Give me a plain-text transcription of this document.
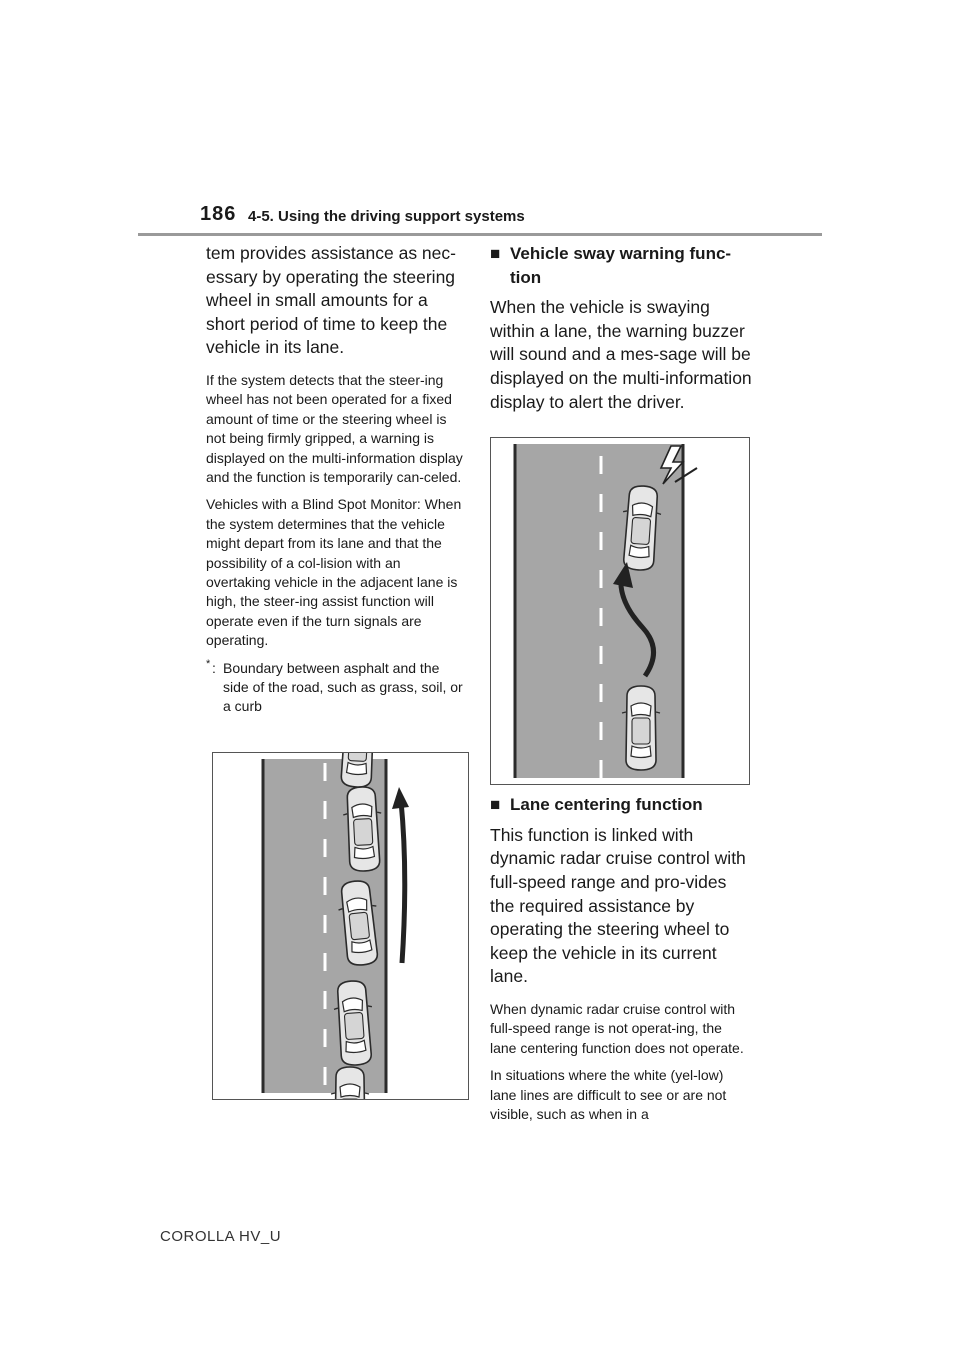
186 4-5. Using the driving support systems

tem provides assistance as nec-essary by operating the steering wheel in small amounts for a short period of time to keep the vehicle in its lane.

If the system detects that the steer-ing wheel has not been operated for a fixed amount of time or the steering wheel is not being firmly gripped, a warning is displayed on the multi-information display and the function is temporarily can-celed.

Vehicles with a Blind Spot Monitor: When the system determines that the vehicle might depart from its lane and that the possibility of a col-lision with an overtaking vehicle in the adjacent lane is high, the steer-ing assist function will operate even if the turn signals are operating.

* : Boundary between asphalt and the side of the road, such as grass, soil, or a curb

■ Vehicle sway warning func-tion

When the vehicle is swaying within a lane, the warning buzzer will sound and a mes-sage will be displayed on the multi-information display to alert the driver.

■ Lane centering function

This function is linked with dynamic radar cruise control with full-speed range and pro-vides the required assistance by operating the steering wheel to keep the vehicle in its current lane.

When dynamic radar cruise control with full-speed range is not operat-ing, the lane centering function does not operate.

In situations where the white (yel-low) lane lines are difficult to see or are not visible, such as when in a

COROLLA HV_U
